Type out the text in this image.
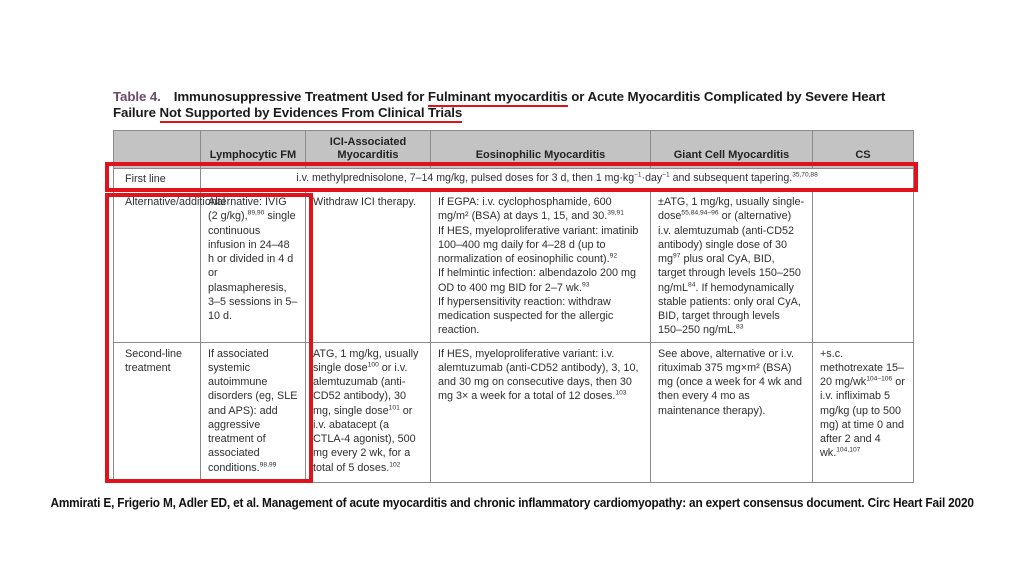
Table 4. Immunosuppressive Treatment Used for Fulminant myocarditis or Acute Myocarditis Complicated by Severe Heart
Failure Not Supported by Evidences From Clinical Trials
	Lymphocytic FM	ICI-Associated Myocarditis	Eosinophilic Myocarditis	Giant Cell Myocarditis	CS
First line	i.v. methylprednisolone, 7–14 mg/kg, pulsed doses for 3 d, then 1 $mg\cdot kg^{-1}\cdot day^{-1}$ and subsequent tapering.$^{35,70,88}$
Alternative/additional	Alternative: IVIG (2 g/kg),$^{89,90}$ single continuous infusion in 24–48 h or divided in 4 d or plasmapheresis, 3–5 sessions in 5–10 d.	Withdraw ICI therapy.	If EGPA: i.v. cyclophosphamide, 600 mg/m² (BSA) at days 1, 15, and 30.$^{39,91}$
If HES, myeloproliferative variant: imatinib 100–400 mg daily for 4–28 d (up to normalization of eosinophilic count).$^{92}$
If helmintic infection: albendazolo 200 mg OD to 400 mg BID for 2–7 wk.$^{93}$
If hypersensitivity reaction: withdraw medication suspected for the allergic reaction.	±ATG, 1 mg/kg, usually single-dose$^{55,84,94-96}$ or (alternative) i.v. alemtuzumab (anti-CD52 antibody) single dose of 30 $mg^{97}$ plus oral CyA, BID, target through levels 150–250 $ng/mL^{84}$. If hemodynamically stable patients: only oral CyA, BID, target through levels 150–250 ng/mL.$^{83}$	
Second-line treatment	If associated systemic autoimmune disorders (eg, SLE and APS): add aggressive treatment of associated conditions.$^{98,99}$	ATG, 1 mg/kg, usually single dose$^{100}$ or i.v. alemtuzumab (anti-CD52 antibody), 30 mg, single dose$^{101}$ or i.v. abatacept (a CTLA-4 agonist), 500 mg every 2 wk, for a total of 5 doses.$^{102}$	If HES, myeloproliferative variant: i.v. alemtuzumab (anti-CD52 antibody), 3, 10, and 30 mg on consecutive days, then 30 mg 3× a week for a total of 12 doses.$^{103}$	See above, alternative or i.v. rituximab 375 mg×m² (BSA) mg (once a week for 4 wk and then every 4 mo as maintenance therapy).	+s.c. methotrexate 15–20 $mg/wk^{104-106}$ or i.v. infliximab 5 mg/kg (up to 500 mg) at time 0 and after 2 and 4 wk.$^{104,107}$
Ammirati E, Frigerio M, Adler ED, et al. Management of acute myocarditis and chronic inflammatory cardiomyopathy: an expert consensus document. Circ Heart Fail 2020
